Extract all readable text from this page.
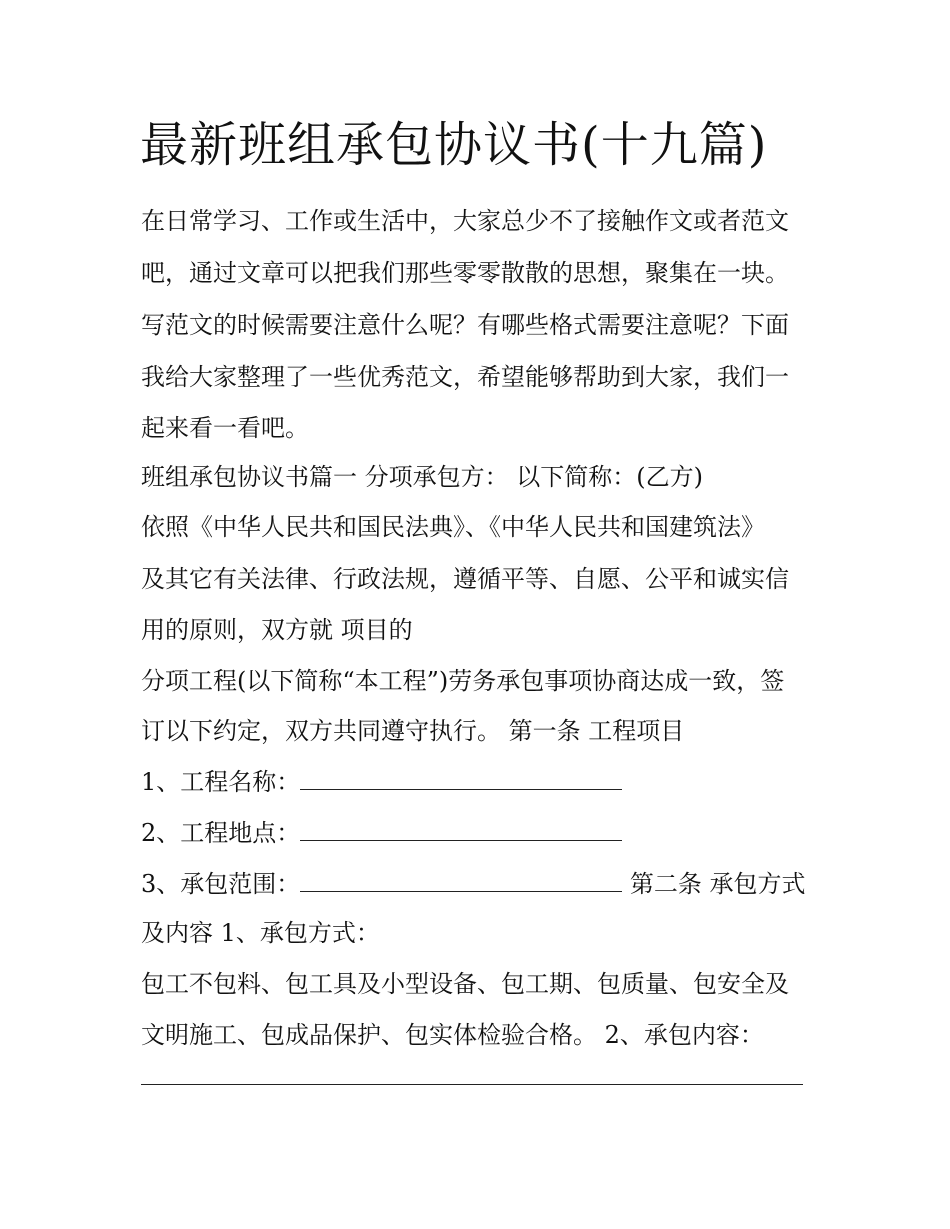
最新班组承包协议书(十九篇)
在日常学习、工作或生活中，大家总少不了接触作文或者范文
吧，通过文章可以把我们那些零零散散的思想，聚集在一块。
写范文的时候需要注意什么呢？有哪些格式需要注意呢？下面
我给大家整理了一些优秀范文，希望能够帮助到大家，我们一
起来看一看吧。
班组承包协议书篇一 分项承包方： 以下简称：(乙方)
依照《中华人民共和国民法典》、《中华人民共和国建筑法》
及其它有关法律、行政法规，遵循平等、自愿、公平和诚实信
用的原则，双方就 项目的
分项工程(以下简称“本工程”)劳务承包事项协商达成一致，签
订以下约定，双方共同遵守执行。 第一条 工程项目
1、工程名称：
2、工程地点：
3、承包范围：	第二条 承包方式
及内容 1、承包方式：
包工不包料、包工具及小型设备、包工期、包质量、包安全及
文明施工、包成品保护、包实体检验合格。 2、承包内容：
